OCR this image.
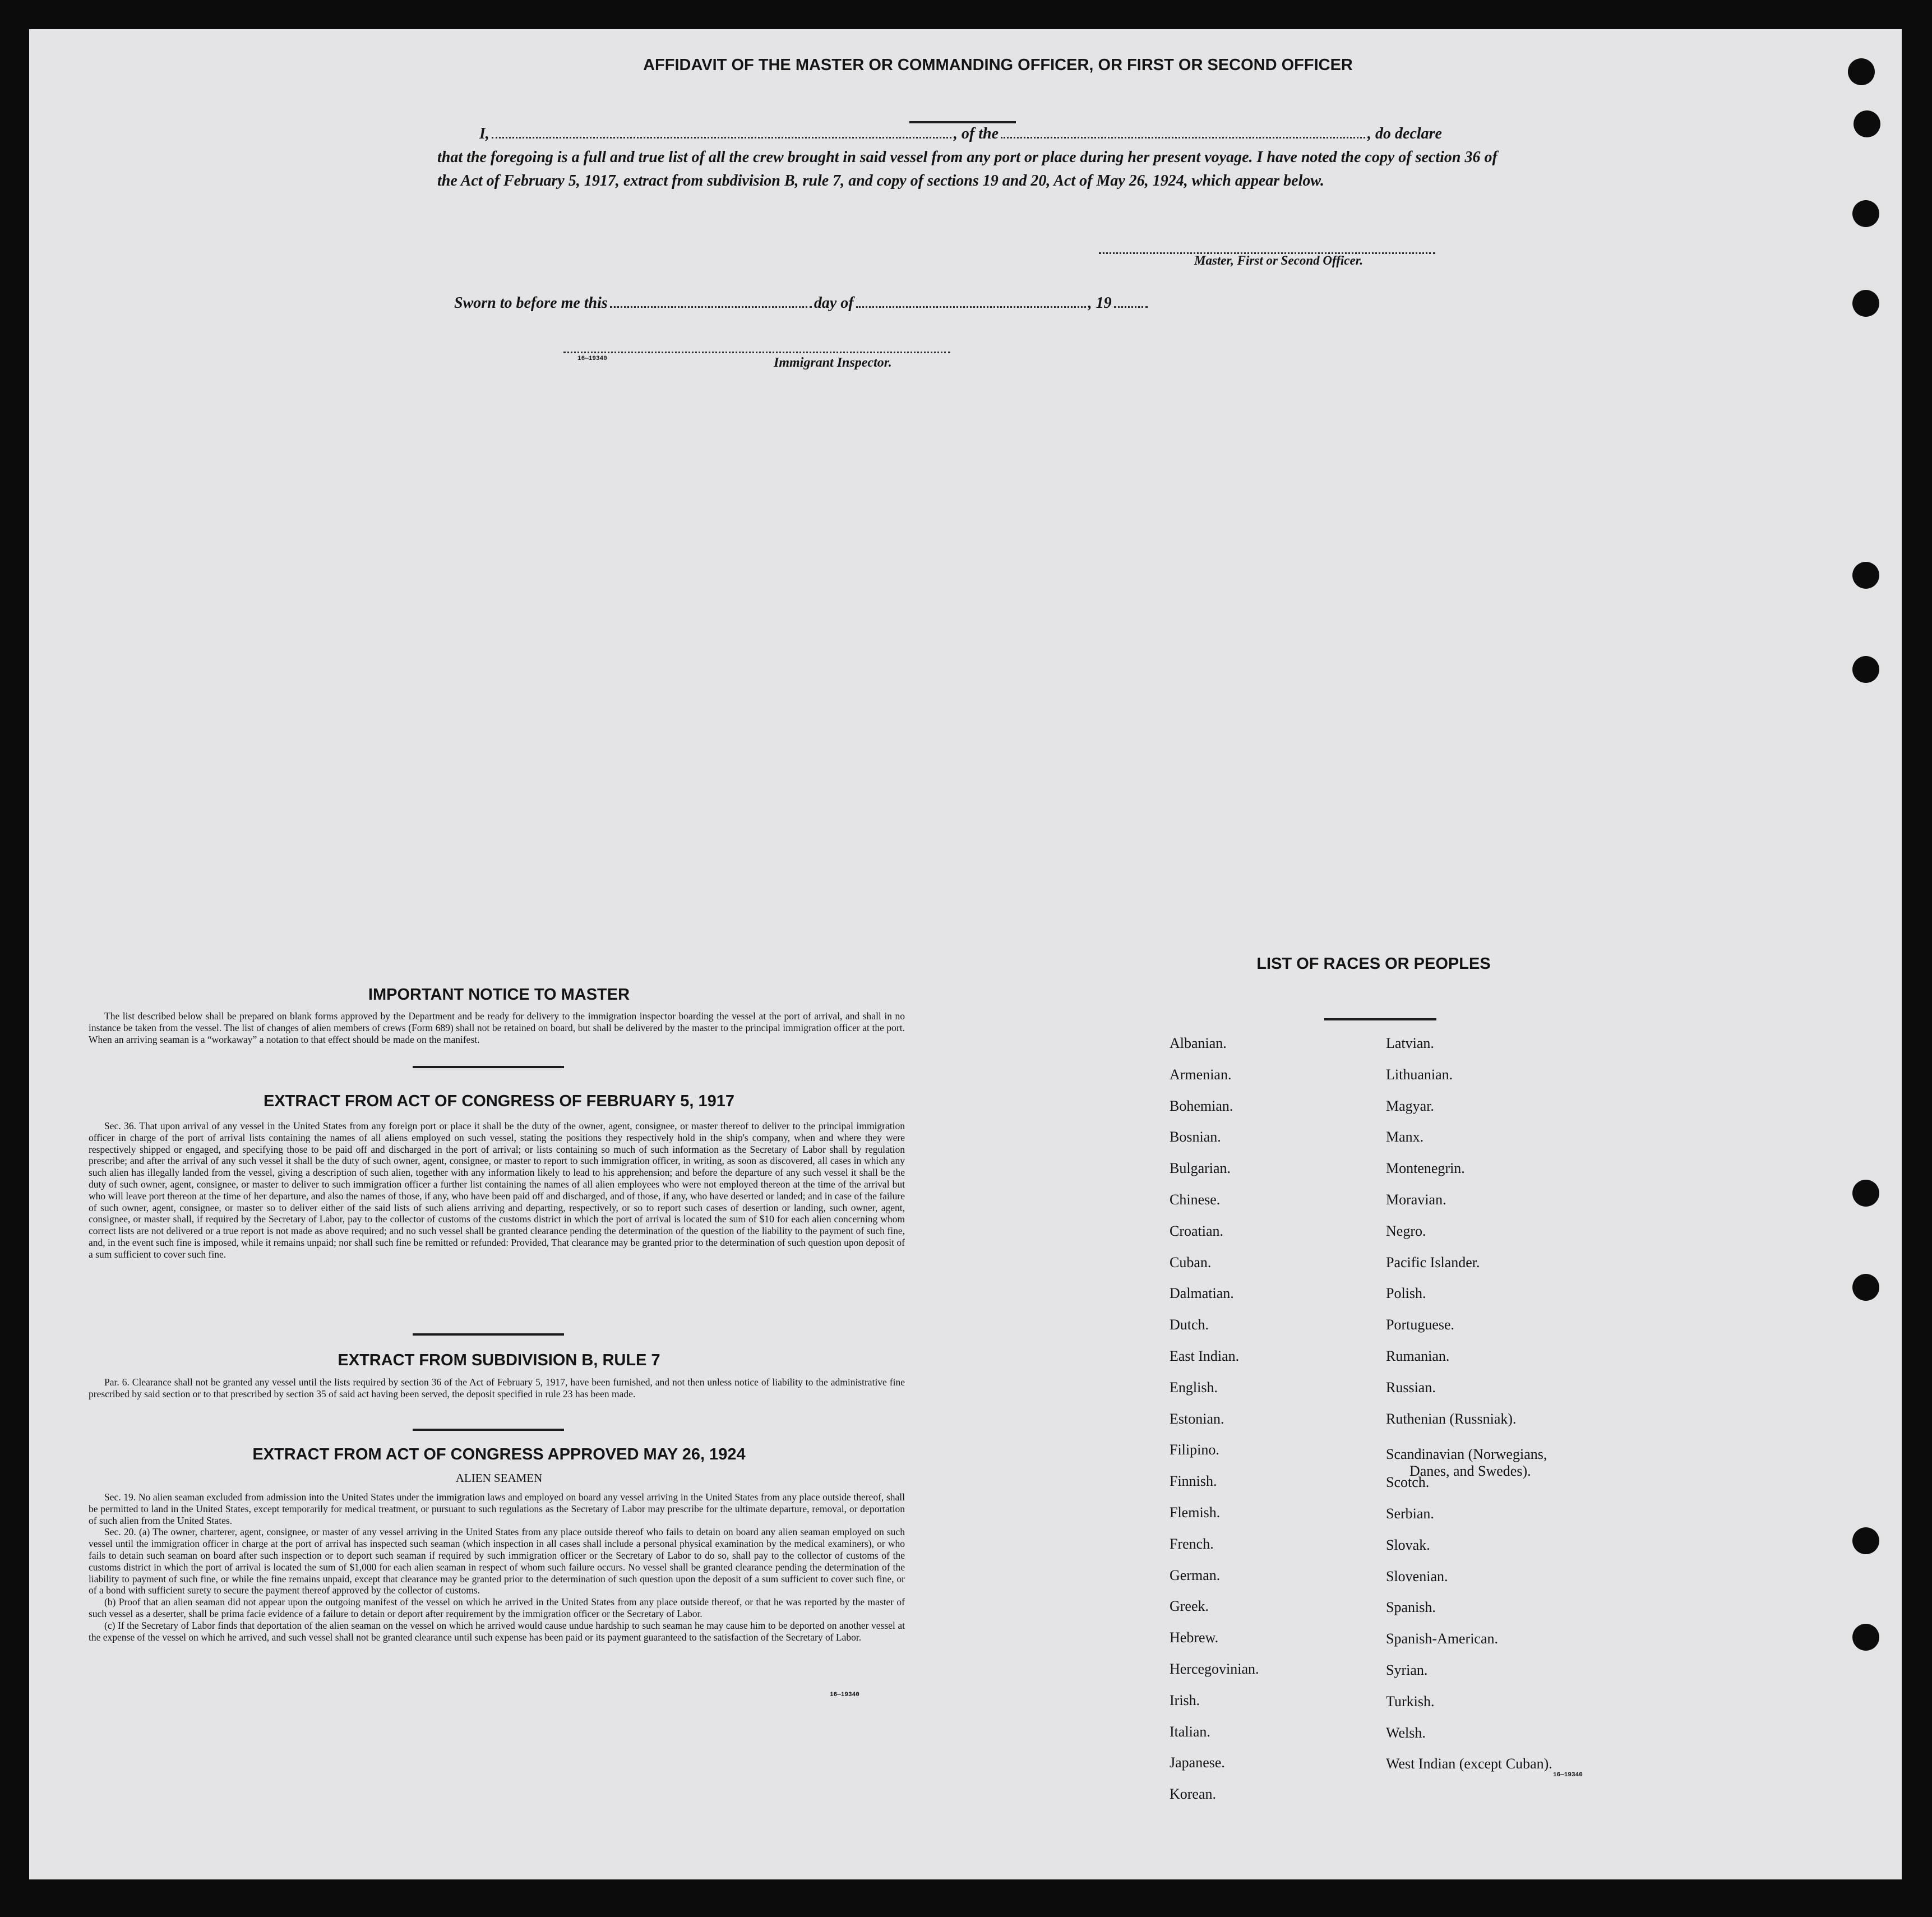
AFFIDAVIT OF THE MASTER OR COMMANDING OFFICER, OR FIRST OR SECOND OFFICER
I,	, of the	, do declare
that the foregoing is a full and true list of all the crew brought in said vessel from any port or place during her present voyage. I have noted the copy of section 36 of the Act of February 5, 1917, extract from subdivision B, rule 7, and copy of sections 19 and 20, Act of May 26, 1924, which appear below.
Master, First or Second Officer.
Sworn to before me this	day of	, 19
16—19340	Immigrant Inspector.
IMPORTANT NOTICE TO MASTER

The list described below shall be prepared on blank forms approved by the Department and be ready for delivery to the immigration inspector boarding the vessel at the port of arrival, and shall in no instance be taken from the vessel. The list of changes of alien members of crews (Form 689) shall not be retained on board, but shall be delivered by the master to the principal immigration officer at the port. When an arriving seaman is a “workaway” a notation to that effect should be made on the manifest.

EXTRACT FROM ACT OF CONGRESS OF FEBRUARY 5, 1917

Sec. 36. That upon arrival of any vessel in the United States from any foreign port or place it shall be the duty of the owner, agent, consignee, or master thereof to deliver to the principal immigration officer in charge of the port of arrival lists containing the names of all aliens employed on such vessel, stating the positions they respectively hold in the ship's company, when and where they were respectively shipped or engaged, and specifying those to be paid off and discharged in the port of arrival; or lists containing so much of such information as the Secretary of Labor shall by regulation prescribe; and after the arrival of any such vessel it shall be the duty of such owner, agent, consignee, or master to report to such immigration officer, in writing, as soon as discovered, all cases in which any such alien has illegally landed from the vessel, giving a description of such alien, together with any information likely to lead to his apprehension; and before the departure of any such vessel it shall be the duty of such owner, agent, consignee, or master to deliver to such immigration officer a further list containing the names of all alien employees who were not employed thereon at the time of the arrival but who will leave port thereon at the time of her departure, and also the names of those, if any, who have been paid off and discharged, and of those, if any, who have deserted or landed; and in case of the failure of such owner, agent, consignee, or master so to deliver either of the said lists of such aliens arriving and departing, respectively, or so to report such cases of desertion or landing, such owner, agent, consignee, or master shall, if required by the Secretary of Labor, pay to the collector of customs of the customs district in which the port of arrival is located the sum of $10 for each alien concerning whom correct lists are not delivered or a true report is not made as above required; and no such vessel shall be granted clearance pending the determination of the question of the liability to the payment of such fine, and, in the event such fine is imposed, while it remains unpaid; nor shall such fine be remitted or refunded: Provided, That clearance may be granted prior to the determination of such question upon deposit of a sum sufficient to cover such fine.

EXTRACT FROM SUBDIVISION B, RULE 7

Par. 6. Clearance shall not be granted any vessel until the lists required by section 36 of the Act of February 5, 1917, have been furnished, and not then unless notice of liability to the administrative fine prescribed by said section or to that prescribed by section 35 of said act having been served, the deposit specified in rule 23 has been made.

EXTRACT FROM ACT OF CONGRESS APPROVED MAY 26, 1924
ALIEN SEAMEN

Sec. 19. No alien seaman excluded from admission into the United States under the immigration laws and employed on board any vessel arriving in the United States from any place outside thereof, shall be permitted to land in the United States, except temporarily for medical treatment, or pursuant to such regulations as the Secretary of Labor may prescribe for the ultimate departure, removal, or deportation of such alien from the United States.

Sec. 20. (a) The owner, charterer, agent, consignee, or master of any vessel arriving in the United States from any place outside thereof who fails to detain on board any alien seaman employed on such vessel until the immigration officer in charge at the port of arrival has inspected such seaman (which inspection in all cases shall include a personal physical examination by the medical examiners), or who fails to detain such seaman on board after such inspection or to deport such seaman if required by such immigration officer or the Secretary of Labor to do so, shall pay to the collector of customs of the customs district in which the port of arrival is located the sum of $1,000 for each alien seaman in respect of whom such failure occurs. No vessel shall be granted clearance pending the determination of the liability to payment of such fine, or while the fine remains unpaid, except that clearance may be granted prior to the determination of such question upon the deposit of a sum sufficient to cover such fine, or of a bond with sufficient surety to secure the payment thereof approved by the collector of customs.

(b) Proof that an alien seaman did not appear upon the outgoing manifest of the vessel on which he arrived in the United States from any place outside thereof, or that he was reported by the master of such vessel as a deserter, shall be prima facie evidence of a failure to detain or deport after requirement by the immigration officer or the Secretary of Labor.

(c) If the Secretary of Labor finds that deportation of the alien seaman on the vessel on which he arrived would cause undue hardship to such seaman he may cause him to be deported on another vessel at the expense of the vessel on which he arrived, and such vessel shall not be granted clearance until such expense has been paid or its payment guaranteed to the satisfaction of the Secretary of Labor.

16—19340
LIST OF RACES OR PEOPLES
Albanian.
Armenian.
Bohemian.
Bosnian.
Bulgarian.
Chinese.
Croatian.
Cuban.
Dalmatian.
Dutch.
East Indian.
English.
Estonian.
Filipino.
Finnish.
Flemish.
French.
German.
Greek.
Hebrew.
Hercegovinian.
Irish.
Italian.
Japanese.
Korean.
Latvian.
Lithuanian.
Magyar.
Manx.
Montenegrin.
Moravian.
Negro.
Pacific Islander.
Polish.
Portuguese.
Rumanian.
Russian.
Ruthenian (Russniak).
Scandinavian (Norwegians,
Danes, and Swedes).
Scotch.
Serbian.
Slovak.
Slovenian.
Spanish.
Spanish-American.
Syrian.
Turkish.
Welsh.
West Indian (except Cuban).
16—19340
